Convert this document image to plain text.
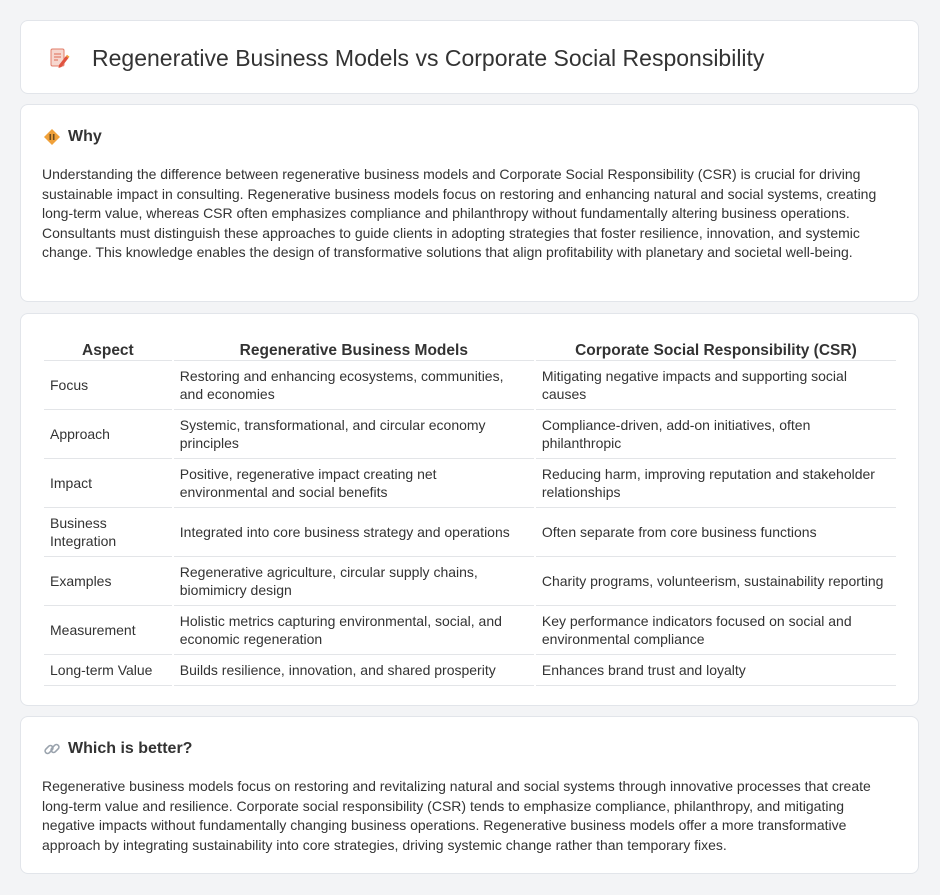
Regenerative Business Models vs Corporate Social Responsibility
Why

Understanding the difference between regenerative business models and Corporate Social Responsibility (CSR) is crucial for driving sustainable impact in consulting. Regenerative business models focus on restoring and enhancing natural and social systems, creating long-term value, whereas CSR often emphasizes compliance and philanthropy without fundamentally altering business operations. Consultants must distinguish these approaches to guide clients in adopting strategies that foster resilience, innovation, and systemic change. This knowledge enables the design of transformative solutions that align profitability with planetary and societal well-being.

Aspect	Regenerative Business Models	Corporate Social Responsibility (CSR)
Focus	Restoring and enhancing ecosystems, communities, and economies	Mitigating negative impacts and supporting social causes
Approach	Systemic, transformational, and circular economy principles	Compliance-driven, add-on initiatives, often philanthropic
Impact	Positive, regenerative impact creating net environmental and social benefits	Reducing harm, improving reputation and stakeholder relationships
Business Integration	Integrated into core business strategy and operations	Often separate from core business functions
Examples	Regenerative agriculture, circular supply chains, biomimicry design	Charity programs, volunteerism, sustainability reporting
Measurement	Holistic metrics capturing environmental, social, and economic regeneration	Key performance indicators focused on social and environmental compliance
Long-term Value	Builds resilience, innovation, and shared prosperity	Enhances brand trust and loyalty
Which is better?

Regenerative business models focus on restoring and revitalizing natural and social systems through innovative processes that create long-term value and resilience. Corporate social responsibility (CSR) tends to emphasize compliance, philanthropy, and mitigating negative impacts without fundamentally changing business operations. Regenerative business models offer a more transformative approach by integrating sustainability into core strategies, driving systemic change rather than temporary fixes.
